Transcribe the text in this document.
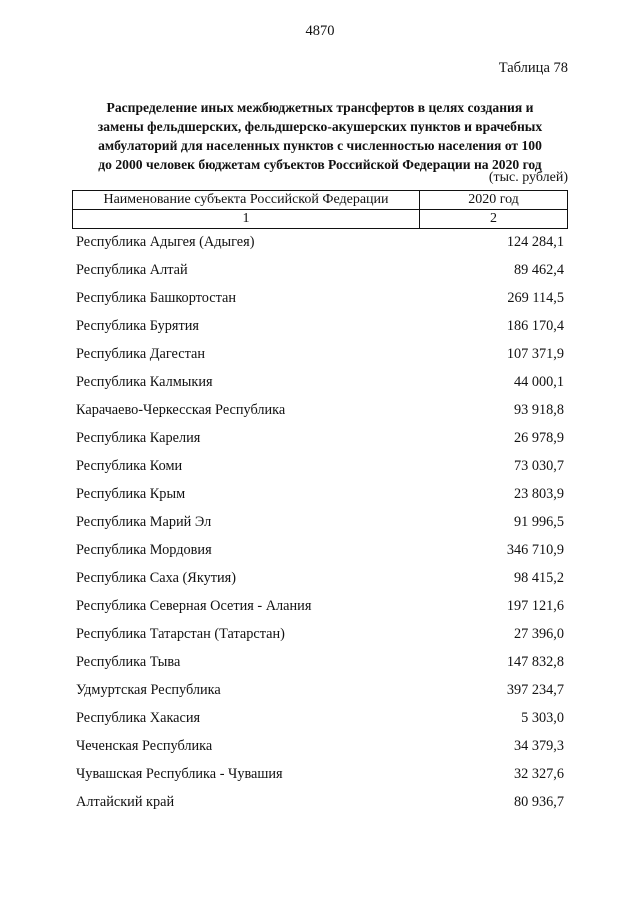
4870
Таблица 78
Распределение иных межбюджетных трансфертов в целях создания и
замены фельдшерских, фельдшерско-акушерских пунктов и врачебных
амбулаторий для населенных пунктов с численностью населения от 100
до 2000 человек бюджетам субъектов Российской Федерации на 2020 год
(тыс. рублей)
Наименование субъекта Российской Федерации	2020 год
1	2
Республика Адыгея (Адыгея)	124 284,1
Республика Алтай	89 462,4
Республика Башкортостан	269 114,5
Республика Бурятия	186 170,4
Республика Дагестан	107 371,9
Республика Калмыкия	44 000,1
Карачаево-Черкесская Республика	93 918,8
Республика Карелия	26 978,9
Республика Коми	73 030,7
Республика Крым	23 803,9
Республика Марий Эл	91 996,5
Республика Мордовия	346 710,9
Республика Саха (Якутия)	98 415,2
Республика Северная Осетия - Алания	197 121,6
Республика Татарстан (Татарстан)	27 396,0
Республика Тыва	147 832,8
Удмуртская Республика	397 234,7
Республика Хакасия	5 303,0
Чеченская Республика	34 379,3
Чувашская Республика - Чувашия	32 327,6
Алтайский край	80 936,7
